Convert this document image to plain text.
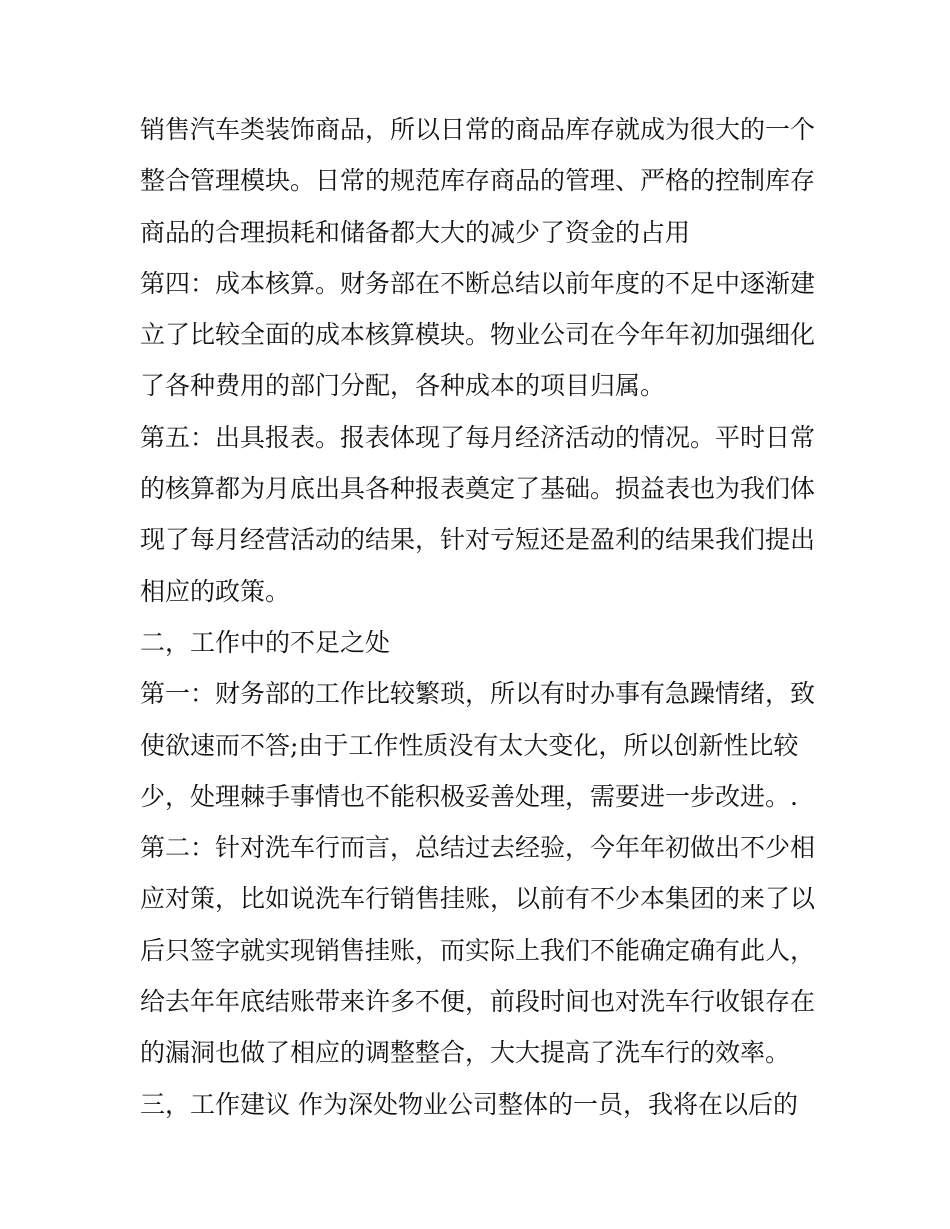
销售汽车类装饰商品，所以日常的商品库存就成为很大的一个
整合管理模块。日常的规范库存商品的管理、严格的控制库存
商品的合理损耗和储备都大大的减少了资金的占用
第四：成本核算。财务部在不断总结以前年度的不足中逐渐建
立了比较全面的成本核算模块。物业公司在今年年初加强细化
了各种费用的部门分配，各种成本的项目归属。
第五：出具报表。报表体现了每月经济活动的情况。平时日常
的核算都为月底出具各种报表奠定了基础。损益表也为我们体
现了每月经营活动的结果，针对亏短还是盈利的结果我们提出
相应的政策。
二，工作中的不足之处
第一：财务部的工作比较繁琐，所以有时办事有急躁情绪，致
使欲速而不答;由于工作性质没有太大变化，所以创新性比较
少，处理棘手事情也不能积极妥善处理，需要进一步改进。.
第二：针对洗车行而言，总结过去经验，今年年初做出不少相
应对策，比如说洗车行销售挂账，以前有不少本集团的来了以
后只签字就实现销售挂账，而实际上我们不能确定确有此人，
给去年年底结账带来许多不便，前段时间也对洗车行收银存在
的漏洞也做了相应的调整整合，大大提高了洗车行的效率。
三，工作建议 作为深处物业公司整体的一员，我将在以后的
